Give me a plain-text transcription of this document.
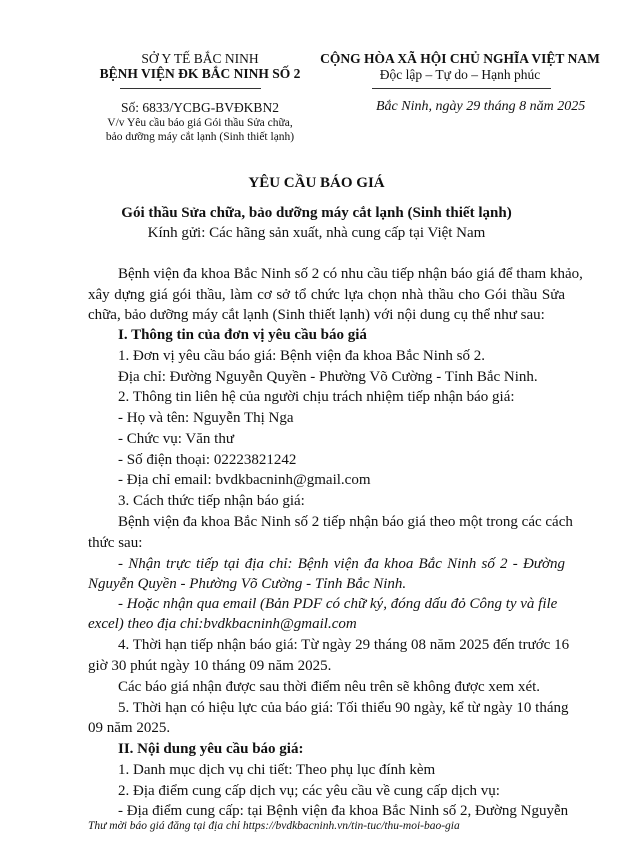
SỞ Y TẾ BẮC NINH
BỆNH VIỆN ĐK BẮC NINH SỐ 2
Số: 6833/YCBG-BVĐKBN2
V/v Yêu cầu báo giá Gói thầu Sửa chữa,
bảo dưỡng máy cắt lạnh (Sinh thiết lạnh)
CỘNG HÒA XÃ HỘI CHỦ NGHĨA VIỆT NAM
Độc lập – Tự do – Hạnh phúc
Bắc Ninh, ngày 29 tháng 8 năm 2025
YÊU CẦU BÁO GIÁ
Gói thầu Sửa chữa, bảo dưỡng máy cắt lạnh (Sinh thiết lạnh)
Kính gửi: Các hãng sản xuất, nhà cung cấp tại Việt Nam
Bệnh viện đa khoa Bắc Ninh số 2 có nhu cầu tiếp nhận báo giá để tham khảo,
xây dựng giá gói thầu, làm cơ sở tổ chức lựa chọn nhà thầu cho Gói thầu Sửa
chữa, bảo dưỡng máy cắt lạnh (Sinh thiết lạnh) với nội dung cụ thể như sau:
I. Thông tin của đơn vị yêu cầu báo giá
1. Đơn vị yêu cầu báo giá: Bệnh viện đa khoa Bắc Ninh số 2.
Địa chỉ: Đường Nguyễn Quyền - Phường Võ Cường - Tỉnh Bắc Ninh.
2. Thông tin liên hệ của người chịu trách nhiệm tiếp nhận báo giá:
- Họ và tên: Nguyễn Thị Nga
- Chức vụ: Văn thư
- Số điện thoại: 02223821242
- Địa chỉ email: bvdkbacninh@gmail.com
3. Cách thức tiếp nhận báo giá:
Bệnh viện đa khoa Bắc Ninh số 2 tiếp nhận báo giá theo một trong các cách
thức sau:
- Nhận trực tiếp tại địa chỉ: Bệnh viện đa khoa Bắc Ninh số 2 - Đường
Nguyễn Quyền - Phường Võ Cường - Tỉnh Bắc Ninh.
- Hoặc nhận qua email (Bản PDF có chữ ký, đóng dấu đỏ Công ty và file
excel) theo địa chỉ:bvdkbacninh@gmail.com
4. Thời hạn tiếp nhận báo giá: Từ ngày 29 tháng 08 năm 2025 đến trước 16
giờ 30 phút ngày 10 tháng 09 năm 2025.
Các báo giá nhận được sau thời điểm nêu trên sẽ không được xem xét.
5. Thời hạn có hiệu lực của báo giá: Tối thiểu 90 ngày, kể từ ngày 10 tháng
09 năm 2025.
II. Nội dung yêu cầu báo giá:
1. Danh mục dịch vụ chi tiết: Theo phụ lục đính kèm
2. Địa điểm cung cấp dịch vụ; các yêu cầu về cung cấp dịch vụ:
- Địa điểm cung cấp: tại Bệnh viện đa khoa Bắc Ninh số 2, Đường Nguyễn
Thư mời báo giá đăng tại địa chỉ https://bvdkbacninh.vn/tin-tuc/thu-moi-bao-gia
